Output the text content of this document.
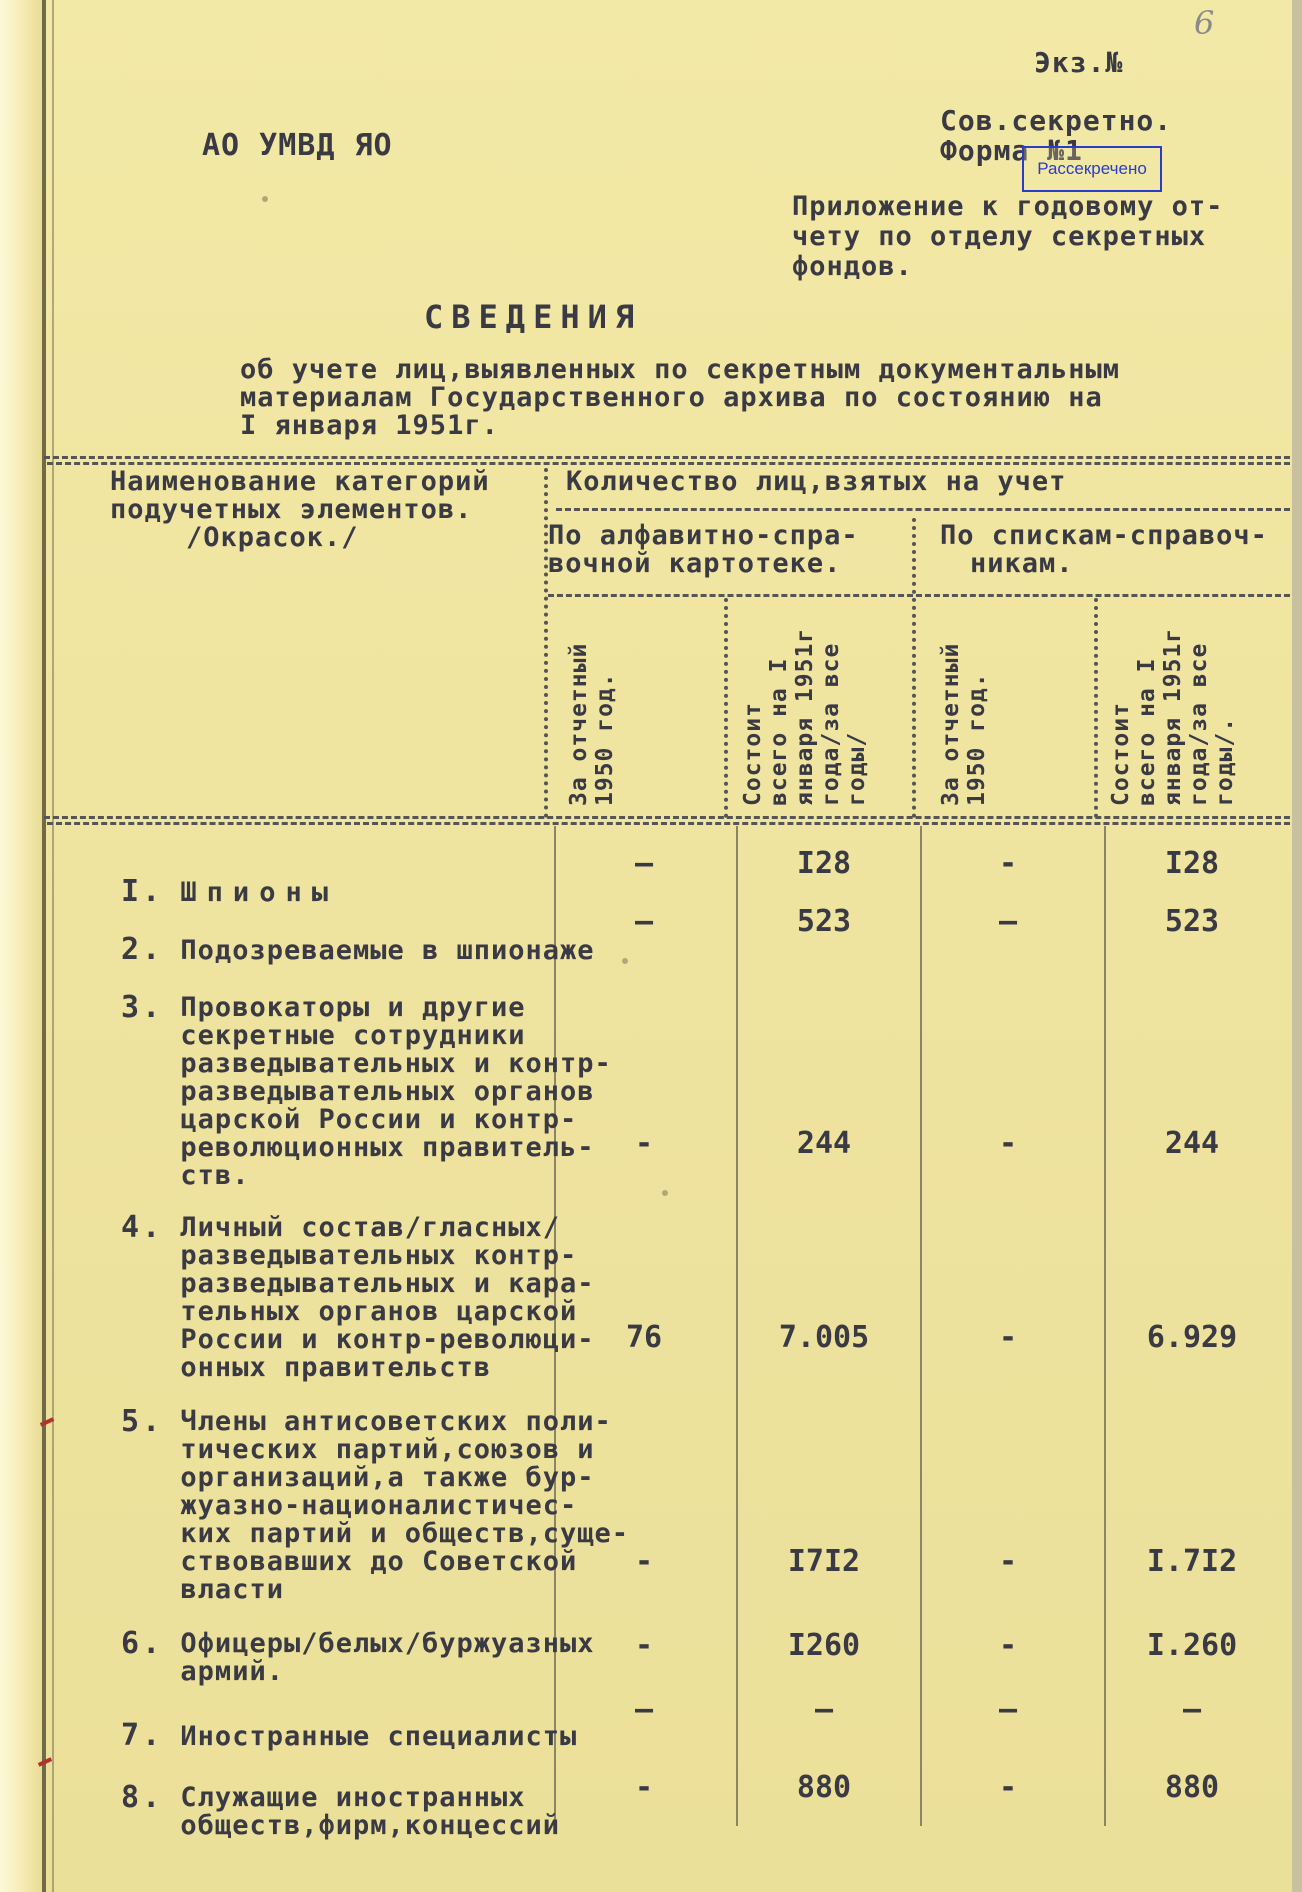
6
Экз.№
АО УМВД ЯО
Сов.секретно.
Форма №1
Рассекречено
Приложение к годовому от-
чету по отделу секретных
фондов.
СВЕДЕНИЯ
об учете лиц,выявленных по секретным документальным
материалам Государственного архива по состоянию на
I января 1951г.
Наименование категорий
подучетных элементов.
/Окрасок./
Количество лиц,взятых на учет
По алфавитно-спра-
вочной картотеке.
По спискам-справоч-
никам.
За отчетный 1950 год.	Состоит всего на I января 1951г года/за все годы/	За отчетный 1950 год.	Состоит всего на I января 1951г года/за все годы/.

I. Шпионы

—	I28	-	I28

2. Подозреваемые в шпионаже

—	523	—	523

3. Провокаторы и другие
секретные сотрудники
разведывательных и контр-
разведывательных органов
царской России и контр-
революционных правитель-
ств.

-	244	-	244

4. Личный состав/гласных/
разведывательных контр-
разведывательных и кара-
тельных органов царской
России и контр-революци-
онных правительств

76	7.005	-	6.929

5. Члены антисоветских поли-
тических партий,союзов и
организаций,а также бур-
жуазно-националистичес-
ких партий и обществ,суще-
ствовавших до Советской
власти

-	I7I2	-	I.7I2

6. Офицеры/белых/буржуазных
армий.

-	I260	-	I.260

7. Иностранные специалисты

—	—	—	—

8. Служащие иностранных
обществ,фирм,концессий

-	880	-	880
